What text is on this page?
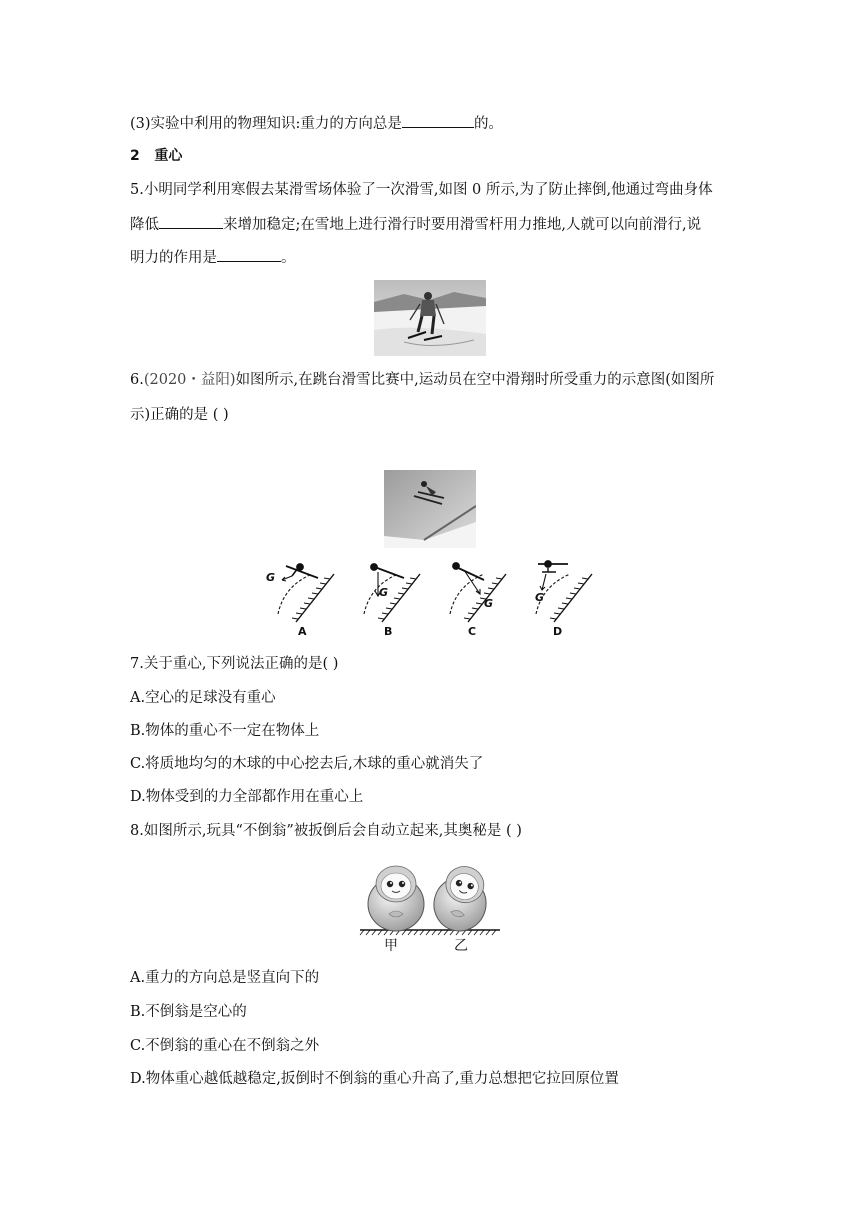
(3)实验中利用的物理知识:重力的方向总是	的。
2 重心
5.小明同学利用寒假去某滑雪场体验了一次滑雪,如图 0 所示,为了防止摔倒,他通过弯曲身体
降低	来增加稳定;在雪地上进行滑行时要用滑雪杆用力推地,人就可以向前滑行,说
明力的作用是	。
6.(2020・益阳)如图所示,在跳台滑雪比赛中,运动员在空中滑翔时所受重力的示意图(如图所
示)正确的是 ( )
G
G
G	G
A	B	C	D
7.关于重心,下列说法正确的是( )
A.空心的足球没有重心
B.物体的重心不一定在物体上
C.将质地均匀的木球的中心挖去后,木球的重心就消失了
D.物体受到的力全部都作用在重心上
8.如图所示,玩具“不倒翁”被扳倒后会自动立起来,其奥秘是 ( )
甲	乙
A.重力的方向总是竖直向下的
B.不倒翁是空心的
C.不倒翁的重心在不倒翁之外
D.物体重心越低越稳定,扳倒时不倒翁的重心升高了,重力总想把它拉回原位置
